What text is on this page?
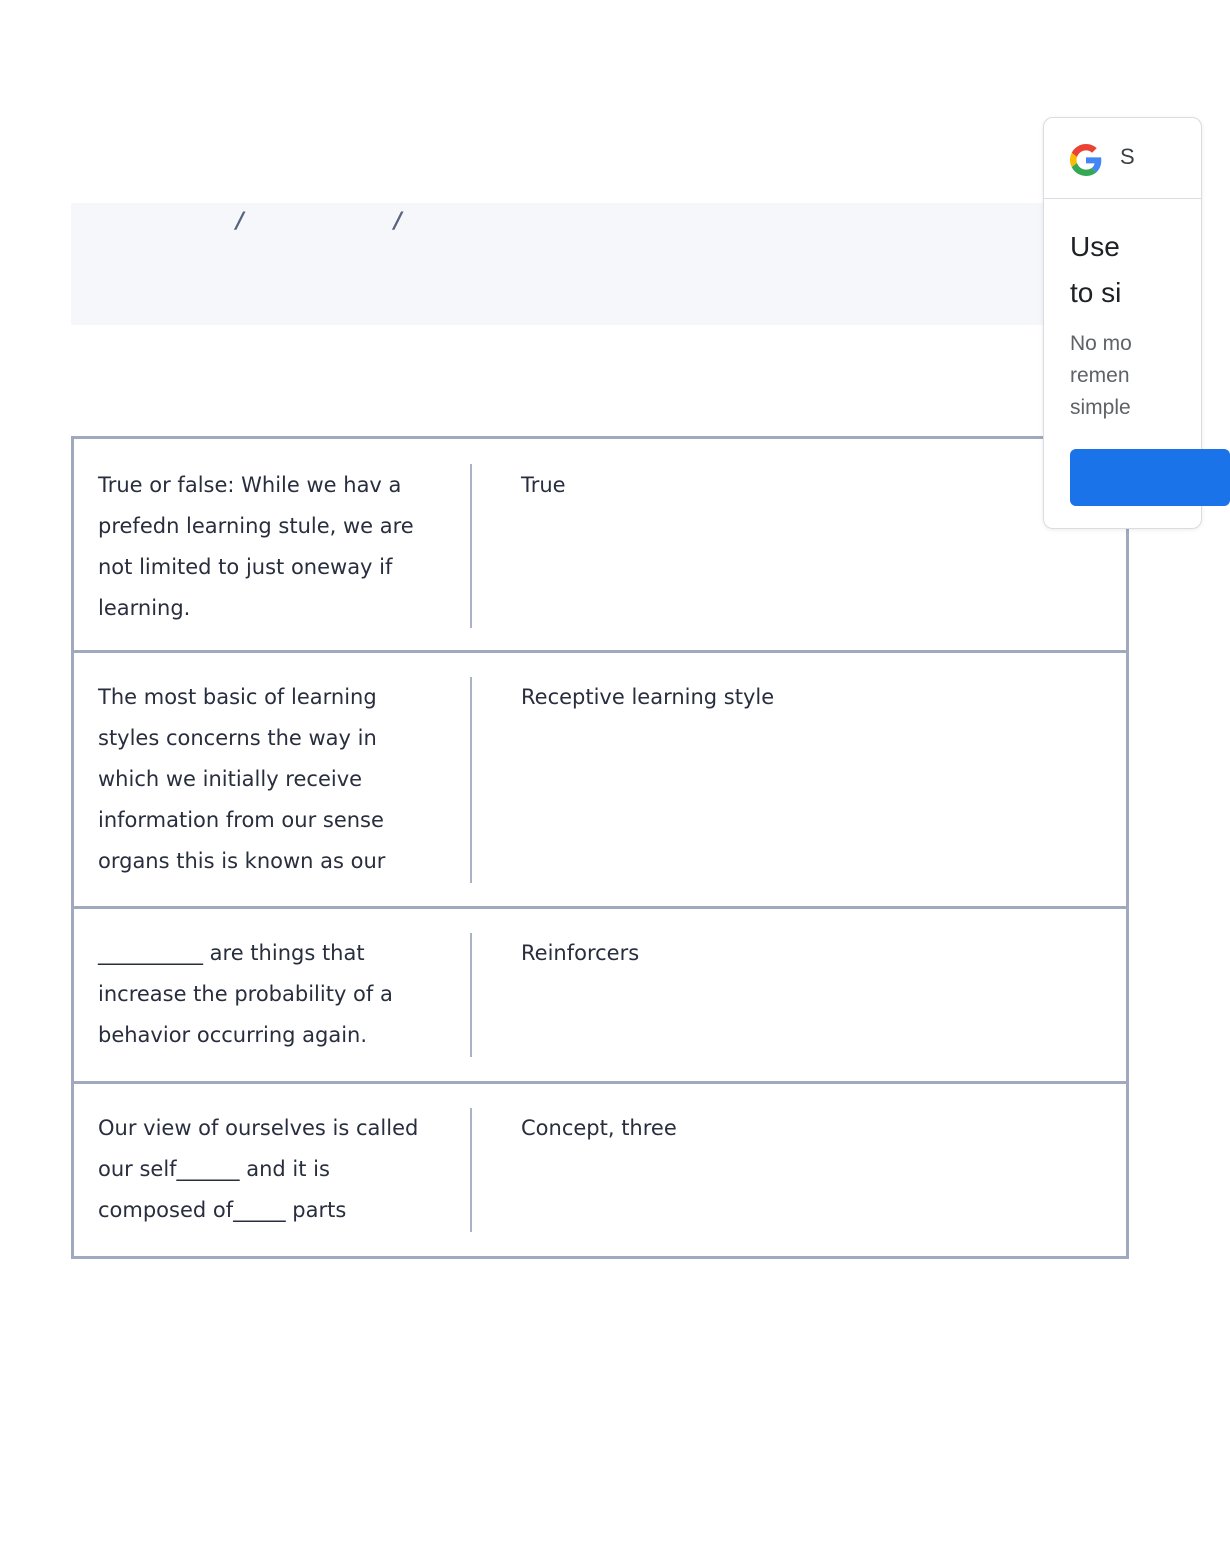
/	/
True or false: While we hav a prefedn learning stule, we are not limited to just oneway if learning.
True
The most basic of learning styles concerns the way in which we initially receive information from our sense organs this is known as our
Receptive learning style
__________ are things that increase the probability of a behavior occurring again.
Reinforcers
Our view of ourselves is called our self______ and it is composed of_____ parts
Concept, three
S
Use
to si
No mo
remen
simple
